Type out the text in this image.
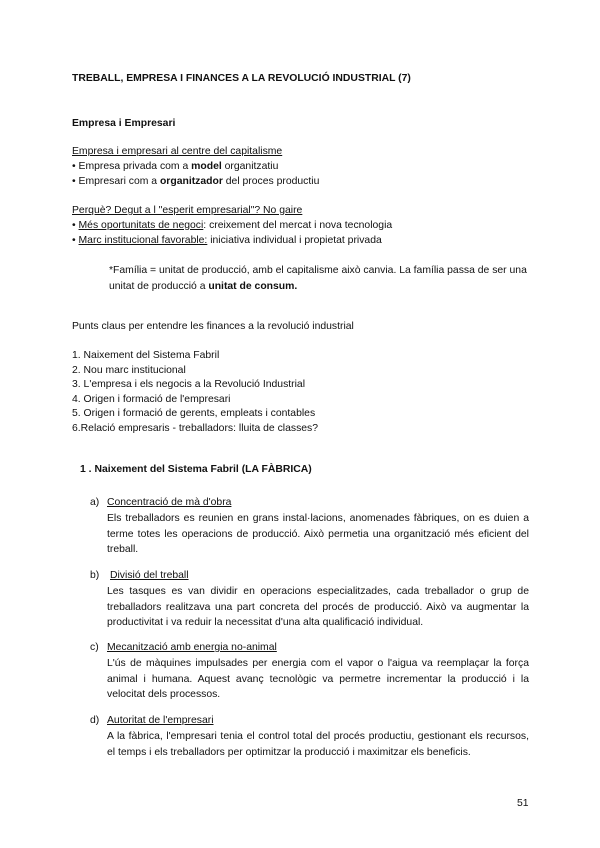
TREBALL, EMPRESA I FINANCES A LA REVOLUCIÓ INDUSTRIAL (7)
Empresa i Empresari
Empresa i empresari al centre del capitalisme
• Empresa privada com a model organitzatiu
• Empresari com a organitzador del proces productiu
Perquè? Degut a l "esperit empresarial"? No gaire
• Més oportunitats de negoci: creixement del mercat i nova tecnologia
• Marc institucional favorable: iniciativa individual i propietat privada
*Família = unitat de producció, amb el capitalisme això canvia. La família passa de ser una unitat de producció a unitat de consum.
Punts claus per entendre les finances a la revolució industrial
1. Naixement del Sistema Fabril
2. Nou marc institucional
3. L'empresa i els negocis a la Revolució Industrial
4. Origen i formació de l'empresari
5. Origen i formació de gerents, empleats i contables
6.Relació empresaris - treballadors: lluita de classes?
1 . Naixement del Sistema Fabril (LA FÀBRICA)
a) Concentració de mà d'obra
Els treballadors es reunien en grans instal·lacions, anomenades fàbriques, on es duien a terme totes les operacions de producció. Això permetia una organització més eficient del treball.
b) Divisió del treball
Les tasques es van dividir en operacions especialitzades, cada treballador o grup de treballadors realitzava una part concreta del procés de producció. Això va augmentar la productivitat i va reduir la necessitat d'una alta qualificació individual.
c) Mecanització amb energia no-animal
L'ús de màquines impulsades per energia com el vapor o l'aigua va reemplaçar la força animal i humana. Aquest avanç tecnològic va permetre incrementar la producció i la velocitat dels processos.
d) Autoritat de l'empresari
A la fàbrica, l'empresari tenia el control total del procés productiu, gestionant els recursos, el temps i els treballadors per optimitzar la producció i maximitzar els beneficis.
51
